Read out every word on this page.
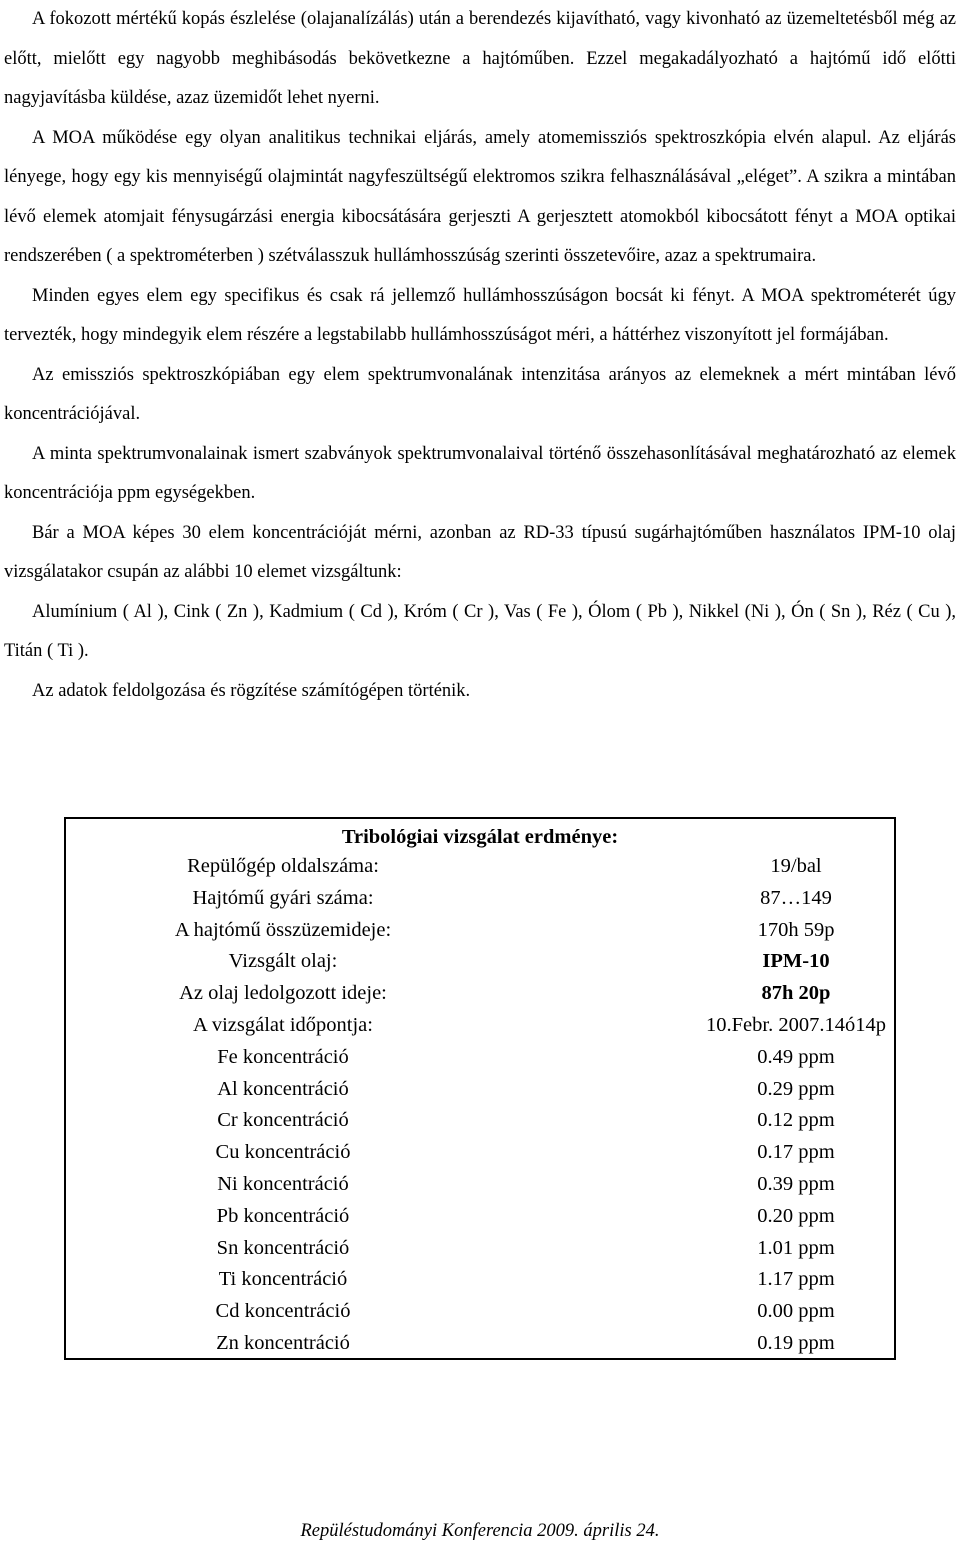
A fokozott mértékű kopás észlelése (olajanalízálás) után a berendezés kijavítható, vagy kivonható az üzemeltetésből még az előtt, mielőtt egy nagyobb meghibásodás bekövetkezne a hajtóműben. Ezzel megakadályozható a hajtómű idő előtti nagyjavításba küldése, azaz üzemidőt lehet nyerni.

A MOA működése egy olyan analitikus technikai eljárás, amely atomemissziós spektroszkópia elvén alapul. Az eljárás lényege, hogy egy kis mennyiségű olajmintát nagyfeszültségű elektromos szikra felhasználásával „eléget”. A szikra a mintában lévő elemek atomjait fénysugárzási energia kibocsátására gerjeszti A gerjesztett atomokból kibocsátott fényt a MOA optikai rendszerében ( a spektrométerben ) szétválasszuk hullámhosszúság szerinti összetevőire, azaz a spektrumaira.

Minden egyes elem egy specifikus és csak rá jellemző hullámhosszúságon bocsát ki fényt. A MOA spektrométerét úgy tervezték, hogy mindegyik elem részére a legstabilabb hullámhosszúságot méri, a háttérhez viszonyított jel formájában.

Az emissziós spektroszkópiában egy elem spektrumvonalának intenzitása arányos az elemeknek a mért mintában lévő koncentrációjával.

A minta spektrumvonalainak ismert szabványok spektrumvonalaival történő összehasonlításával meghatározható az elemek koncentrációja ppm egységekben.

Bár a MOA képes 30 elem koncentrációját mérni, azonban az RD-33 típusú sugárhajtóműben használatos IPM-10 olaj vizsgálatakor csupán az alábbi 10 elemet vizsgáltunk:

Alumínium ( Al ), Cink ( Zn ), Kadmium ( Cd ), Króm ( Cr ), Vas ( Fe ), Ólom ( Pb ), Nikkel (Ni ), Ón ( Sn ), Réz ( Cu ), Titán ( Ti ).

Az adatok feldolgozása és rögzítése számítógépen történik.

Tribológiai vizsgálat erdménye:
Repülőgép oldalszáma:	19/bal
Hajtómű gyári száma:	87…149
A hajtómű összüzemideje:	170h 59p
Vizsgált olaj:	IPM-10
Az olaj ledolgozott ideje:	87h 20p
A vizsgálat időpontja:	10.Febr. 2007.14ó14p
Fe koncentráció	0.49 ppm
Al koncentráció	0.29 ppm
Cr koncentráció	0.12 ppm
Cu koncentráció	0.17 ppm
Ni koncentráció	0.39 ppm
Pb koncentráció	0.20 ppm
Sn koncentráció	1.01 ppm
Ti koncentráció	1.17 ppm
Cd koncentráció	0.00 ppm
Zn koncentráció	0.19 ppm
Repüléstudományi Konferencia 2009. április 24.
